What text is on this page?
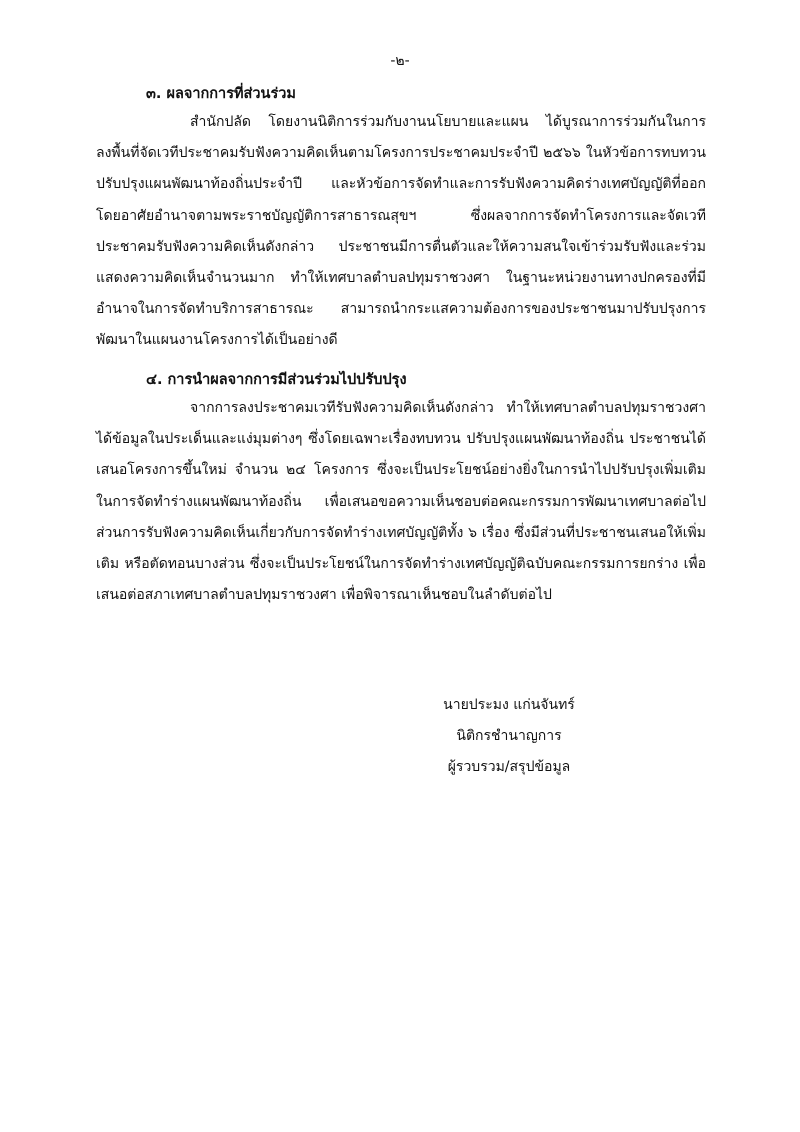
-๒-
๓. ผลจากการที่ส่วนร่วม
สำนักปลัด โดยงานนิติการร่วมกับงานนโยบายและแผน ได้บูรณาการร่วมกันในการลงพื้นที่จัดเวทีประชาคมรับฟังความคิดเห็นตามโครงการประชาคมประจำปี ๒๕๖๖ ในหัวข้อการทบทวน ปรับปรุงแผนพัฒนาท้องถิ่นประจำปี และหัวข้อการจัดทำและการรับฟังความคิดร่างเทศบัญญัติที่ออกโดยอาศัยอำนาจตามพระราชบัญญัติการสาธารณสุขฯ ซึ่งผลจากการจัดทำโครงการและจัดเวทีประชาคมรับฟังความคิดเห็นดังกล่าว ประชาชนมีการตื่นตัวและให้ความสนใจเข้าร่วมรับฟังและร่วมแสดงความคิดเห็นจำนวนมาก ทำให้เทศบาลตำบลปทุมราชวงศา ในฐานะหน่วยงานทางปกครองที่มีอำนาจในการจัดทำบริการสาธารณะ สามารถนำกระแสความต้องการของประชาชนมาปรับปรุงการพัฒนาในแผนงานโครงการได้เป็นอย่างดี
๔. การนำผลจากการมีส่วนร่วมไปปรับปรุง
จากการลงประชาคมเวทีรับฟังความคิดเห็นดังกล่าว ทำให้เทศบาลตำบลปทุมราชวงศาได้ข้อมูลในประเด็นและแง่มุมต่างๆ ซึ่งโดยเฉพาะเรื่องทบทวน ปรับปรุงแผนพัฒนาท้องถิ่น ประชาชนได้เสนอโครงการขึ้นใหม่ จำนวน ๒๔ โครงการ ซึ่งจะเป็นประโยชน์อย่างยิ่งในการนำไปปรับปรุงเพิ่มเติมในการจัดทำร่างแผนพัฒนาท้องถิ่น เพื่อเสนอขอความเห็นชอบต่อคณะกรรมการพัฒนาเทศบาลต่อไป ส่วนการรับฟังความคิดเห็นเกี่ยวกับการจัดทำร่างเทศบัญญัติทั้ง ๖ เรื่อง ซึ่งมีส่วนที่ประชาชนเสนอให้เพิ่มเติม หรือตัดทอนบางส่วน ซึ่งจะเป็นประโยชน์ในการจัดทำร่างเทศบัญญัติฉบับคณะกรรมการยกร่าง เพื่อเสนอต่อสภาเทศบาลตำบลปทุมราชวงศา เพื่อพิจารณาเห็นชอบในลำดับต่อไป
นายประมง แก่นจันทร์
นิติกรชำนาญการ
ผู้รวบรวม/สรุปข้อมูล
